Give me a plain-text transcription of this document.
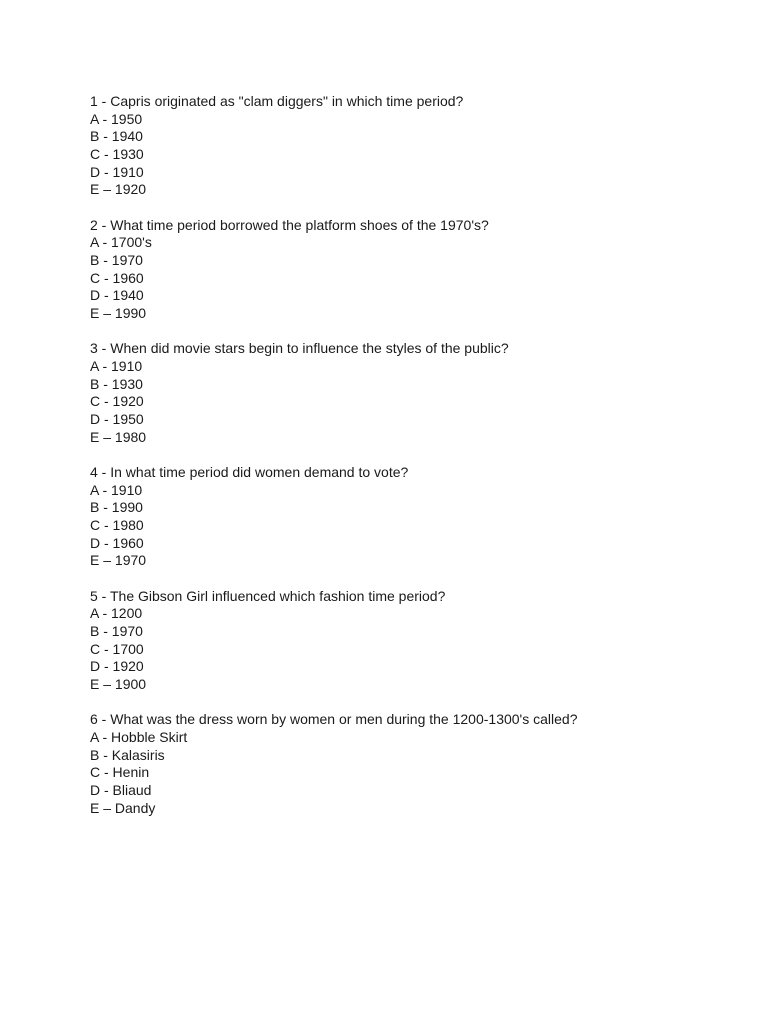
1 - Capris originated as "clam diggers" in which time period?
A - 1950
B - 1940
C - 1930
D - 1910
E – 1920
2 - What time period borrowed the platform shoes of the 1970's?
A - 1700's
B - 1970
C - 1960
D - 1940
E – 1990
3 - When did movie stars begin to influence the styles of the public?
A - 1910
B - 1930
C - 1920
D - 1950
E – 1980
4 - In what time period did women demand to vote?
A - 1910
B - 1990
C - 1980
D - 1960
E – 1970
5 - The Gibson Girl influenced which fashion time period?
A - 1200
B - 1970
C - 1700
D - 1920
E – 1900
6 - What was the dress worn by women or men during the 1200-1300's called?
A - Hobble Skirt
B - Kalasiris
C - Henin
D - Bliaud
E – Dandy
